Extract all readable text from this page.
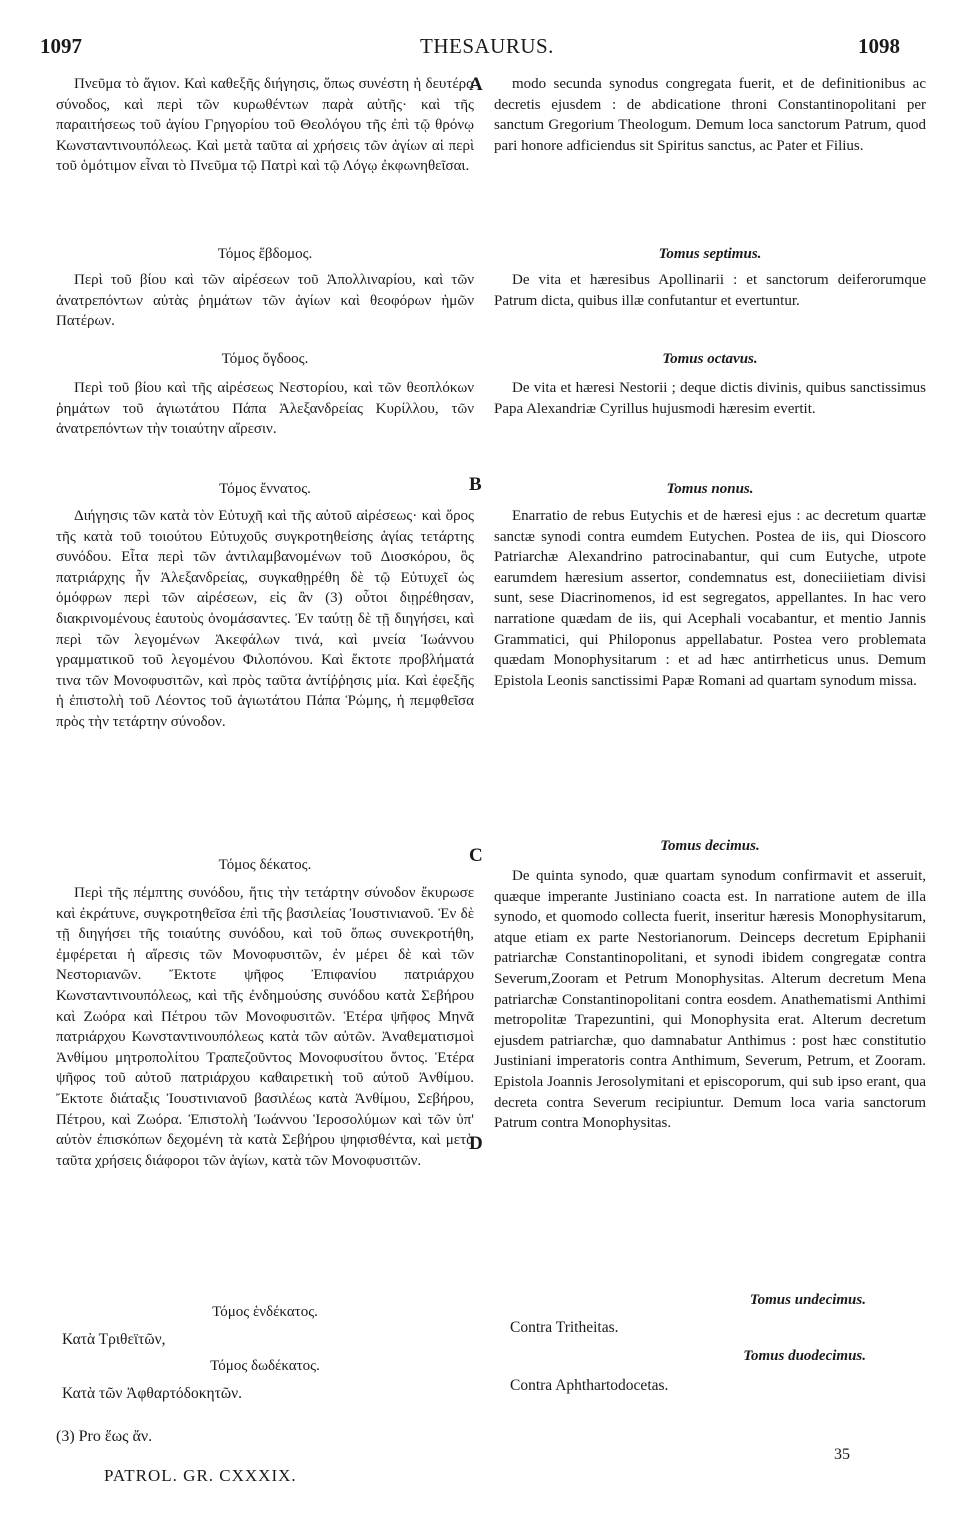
1097	THESAURUS.	1098
A
B
C
D

Πνεῦμα τὸ ἅγιον. Καὶ καθεξῆς διήγησις, ὅπως συνέστη ἡ δευτέρα σύνοδος, καὶ περὶ τῶν κυρωθέντων παρὰ αὐτῆς· καὶ τῆς παραιτήσεως τοῦ ἁγίου Γρηγορίου τοῦ Θεολόγου τῆς ἐπὶ τῷ θρόνῳ Κωνσταντινουπόλεως. Καὶ μετὰ ταῦτα αἱ χρήσεις τῶν ἁγίων αἱ περὶ τοῦ ὁμότιμον εἶναι τὸ Πνεῦμα τῷ Πατρὶ καὶ τῷ Λόγῳ ἐκφωνηθεῖσαι.

Τόμος ἕβδομος.

Περὶ τοῦ βίου καὶ τῶν αἱρέσεων τοῦ Ἀπολλιναρίου, καὶ τῶν ἀνατρεπόντων αὐτὰς ῥημάτων τῶν ἁγίων καὶ θεοφόρων ἡμῶν Πατέρων.

Τόμος ὄγδοος.

Περὶ τοῦ βίου καὶ τῆς αἱρέσεως Νεστορίου, καὶ τῶν θεοπλόκων ῥημάτων τοῦ ἁγιωτάτου Πάπα Ἀλεξανδρείας Κυρίλλου, τῶν ἀνατρεπόντων τὴν τοιαύτην αἵρεσιν.

Τόμος ἔννατος.

Διήγησις τῶν κατὰ τὸν Εὐτυχῆ καὶ τῆς αὐτοῦ αἱρέσεως· καὶ ὅρος τῆς κατὰ τοῦ τοιούτου Εὐτυχοῦς συγκροτηθείσης ἁγίας τετάρτης συνόδου. Εἶτα περὶ τῶν ἀντιλαμβανομένων τοῦ Διοσκόρου, ὃς πατριάρχης ἦν Ἀλεξανδρείας, συγκαθῃρέθη δὲ τῷ Εὐτυχεῖ ὡς ὁμόφρων περὶ τῶν αἱρέσεων, εἰς ἂν (3) οὗτοι διῃρέθησαν, διακρινομένους ἑαυτοὺς ὀνομάσαντες. Ἐν ταύτῃ δὲ τῇ διηγήσει, καὶ περὶ τῶν λεγομένων Ἀκεφάλων τινά, καὶ μνεία Ἰωάννου γραμματικοῦ τοῦ λεγομένου Φιλοπόνου. Καὶ ἔκτοτε προβλήματά τινα τῶν Μονοφυσιτῶν, καὶ πρὸς ταῦτα ἀντίῤῥησις μία. Καὶ ἐφεξῆς ἡ ἐπιστολὴ τοῦ Λέοντος τοῦ ἁγιωτάτου Πάπα Ῥώμης, ἡ πεμφθεῖσα πρὸς τὴν τετάρτην σύνοδον.

Τόμος δέκατος.

Περὶ τῆς πέμπτης συνόδου, ἥτις τὴν τετάρτην σύνοδον ἔκυρωσε καὶ ἐκράτυνε, συγκροτηθεῖσα ἐπὶ τῆς βασιλείας Ἰουστινιανοῦ. Ἐν δὲ τῇ διηγήσει τῆς τοιαύτης συνόδου, καὶ τοῦ ὅπως συνεκροτήθη, ἐμφέρεται ἡ αἵρεσις τῶν Μονοφυσιτῶν, ἐν μέρει δὲ καὶ τῶν Νεστοριανῶν. Ἔκτοτε ψῆφος Ἐπιφανίου πατριάρχου Κωνσταντινουπόλεως, καὶ τῆς ἐνδημούσης συνόδου κατὰ Σεβήρου καὶ Ζωόρα καὶ Πέτρου τῶν Μονοφυσιτῶν. Ἑτέρα ψῆφος Μηνᾶ πατριάρχου Κωνσταντινουπόλεως κατὰ τῶν αὐτῶν. Ἀναθεματισμοὶ Ἀνθίμου μητροπολίτου Τραπεζοῦντος Μονοφυσίτου ὄντος. Ἑτέρα ψῆφος τοῦ αὐτοῦ πατριάρχου καθαιρετικὴ τοῦ αὐτοῦ Ἀνθίμου. Ἔκτοτε διάταξις Ἰουστινιανοῦ βασιλέως κατὰ Ἀνθίμου, Σεβήρου, Πέτρου, καὶ Ζωόρα. Ἐπιστολὴ Ἰωάννου Ἱεροσολύμων καὶ τῶν ὑπ' αὐτὸν ἐπισκόπων δεχομένη τὰ κατὰ Σεβήρου ψηφισθέντα, καὶ μετὰ ταῦτα χρήσεις διάφοροι τῶν ἁγίων, κατὰ τῶν Μονοφυσιτῶν.

Τόμος ἑνδέκατος.

Κατὰ Τριθεϊτῶν,

Τόμος δωδέκατος.

Κατὰ τῶν Ἀφθαρτόδοκητῶν.

modo secunda synodus congregata fuerit, et de definitionibus ac decretis ejusdem : de abdicatione throni Constantinopolitani per sanctum Gregorium Theologum. Demum loca sanctorum Patrum, quod pari honore adficiendus sit Spiritus sanctus, ac Pater et Filius.

Tomus septimus.

De vita et hæresibus Apollinarii : et sanctorum deiferorumque Patrum dicta, quibus illæ confutantur et evertuntur.

Tomus octavus.

De vita et hæresi Nestorii ; deque dictis divinis, quibus sanctissimus Papa Alexandriæ Cyrillus hujusmodi hæresim evertit.

Tomus nonus.

Enarratio de rebus Eutychis et de hæresi ejus : ac decretum quartæ sanctæ synodi contra eumdem Eutychen. Postea de iis, qui Dioscoro Patriarchæ Alexandrino patrocinabantur, qui cum Eutyche, utpote earumdem hæresium assertor, condemnatus est, doneciiietiam divisi sunt, sese Diacrinomenos, id est segregatos, appellantes. In hac vero narratione quædam de iis, qui Acephali vocabantur, et mentio Jannis Grammatici, qui Philoponus appellabatur. Postea vero problemata quædam Monophysitarum : et ad hæc antirrheticus unus. Demum Epistola Leonis sanctissimi Papæ Romani ad quartam synodum missa.

Tomus decimus.

De quinta synodo, quæ quartam synodum confirmavit et asseruit, quæque imperante Justiniano coacta est. In narratione autem de illa synodo, et quomodo collecta fuerit, inseritur hæresis Monophysitarum, atque etiam ex parte Nestorianorum. Deinceps decretum Epiphanii patriarchæ Constantinopolitani, et synodi ibidem congregatæ contra Severum,Zooram et Petrum Monophysitas. Alterum decretum Mena patriarchæ Constantinopolitani contra eosdem. Anathematismi Anthimi metropolitæ Trapezuntini, qui Monophysita erat. Alterum decretum ejusdem patriarchæ, quo damnabatur Anthimus : post hæc constitutio Justiniani imperatoris contra Anthimum, Severum, Petrum, et Zooram. Epistola Joannis Jerosolymitani et episcoporum, qui sub ipso erant, qua decreta contra Severum recipiuntur. Demum loca varia sanctorum Patrum contra Monophysitas.

Tomus undecimus.

Contra Tritheitas.

Tomus duodecimus.

Contra Aphthartodocetas.

(3) Pro ἕως ἄν.
PATROL. GR. CXXXIX.
35
